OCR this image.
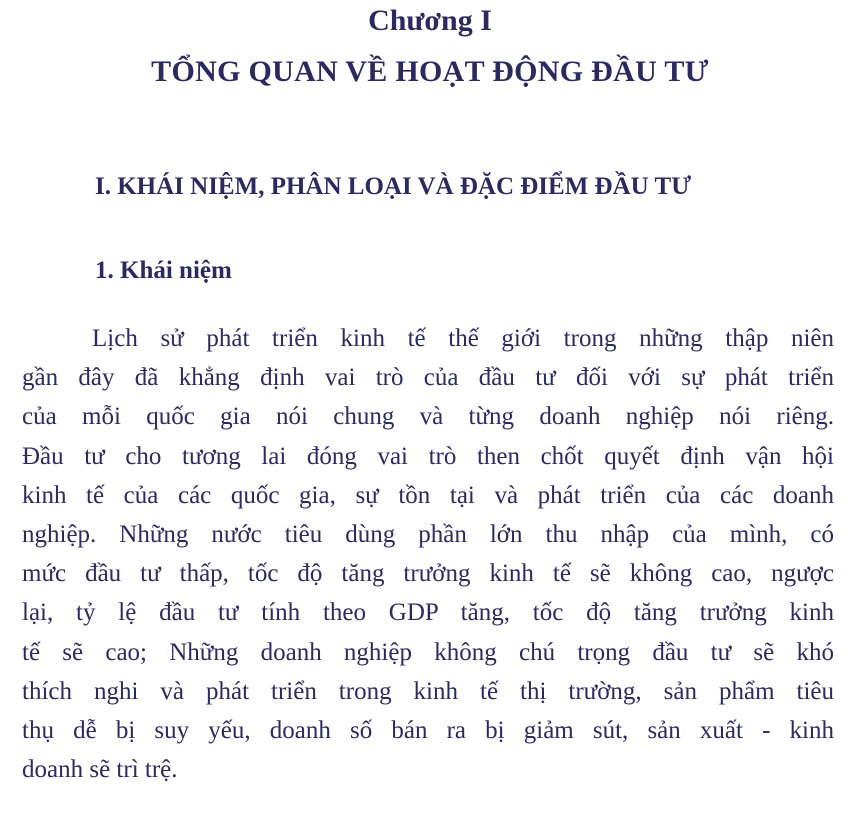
Chương I
TỔNG QUAN VỀ HOẠT ĐỘNG ĐẦU TƯ
I. KHÁI NIỆM, PHÂN LOẠI VÀ ĐẶC ĐIỂM ĐẦU TƯ
1. Khái niệm
Lịch sử phát triển kinh tế thế giới trong những thập niên
gần đây đã khẳng định vai trò của đầu tư đối với sự phát triển
của mỗi quốc gia nói chung và từng doanh nghiệp nói riêng.
Đầu tư cho tương lai đóng vai trò then chốt quyết định vận hội
kinh tế của các quốc gia, sự tồn tại và phát triển của các doanh
nghiệp. Những nước tiêu dùng phần lớn thu nhập của mình, có
mức đầu tư thấp, tốc độ tăng trưởng kinh tế sẽ không cao, ngược
lại, tỷ lệ đầu tư tính theo GDP tăng, tốc độ tăng trưởng kinh
tế sẽ cao; Những doanh nghiệp không chú trọng đầu tư sẽ khó
thích nghi và phát triển trong kinh tế thị trường, sản phẩm tiêu
thụ dễ bị suy yếu, doanh số bán ra bị giảm sút, sản xuất - kinh
doanh sẽ trì trệ.
